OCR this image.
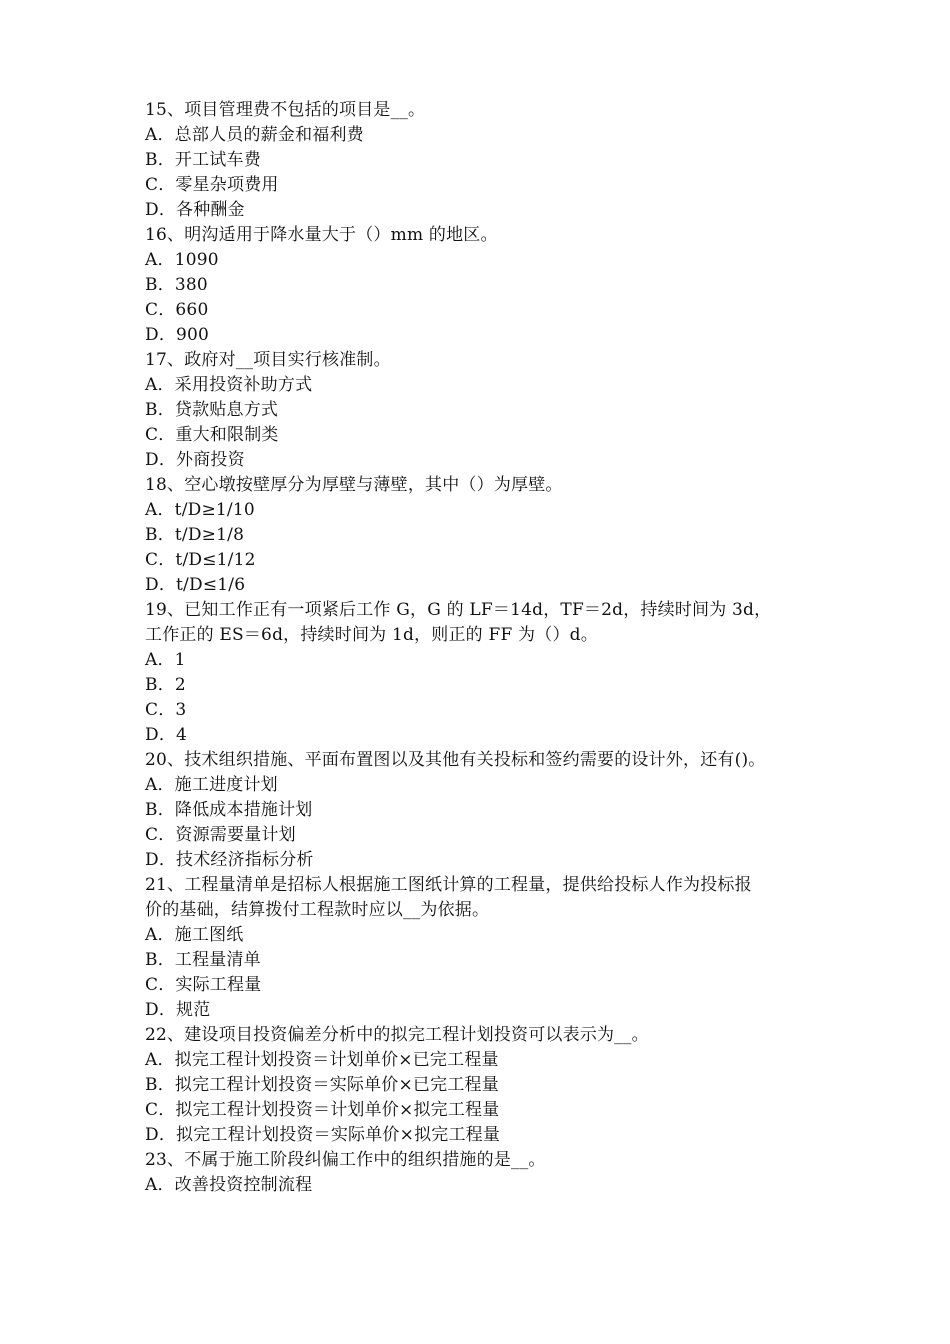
15、项目管理费不包括的项目是__。
A．总部人员的薪金和福利费
B．开工试车费
C．零星杂项费用
D．各种酬金
16、明沟适用于降水量大于（）mm 的地区。
A．1090
B．380
C．660
D．900
17、政府对__项目实行核准制。
A．采用投资补助方式
B．贷款贴息方式
C．重大和限制类
D．外商投资
18、空心墩按壁厚分为厚壁与薄壁，其中（）为厚壁。
A．t/D≥1/10
B．t/D≥1/8
C．t/D≤1/12
D．t/D≤1/6
19、已知工作正有一项紧后工作 G，G 的 LF＝14d，TF＝2d，持续时间为 3d，
工作正的 ES＝6d，持续时间为 1d，则正的 FF 为（）d。
A．1
B．2
C．3
D．4
20、技术组织措施、平面布置图以及其他有关投标和签约需要的设计外，还有()。
A．施工进度计划
B．降低成本措施计划
C．资源需要量计划
D．技术经济指标分析
21、工程量清单是招标人根据施工图纸计算的工程量，提供给投标人作为投标报
价的基础，结算拨付工程款时应以__为依据。
A．施工图纸
B．工程量清单
C．实际工程量
D．规范
22、建设项目投资偏差分析中的拟完工程计划投资可以表示为__。
A．拟完工程计划投资＝计划单价×已完工程量
B．拟完工程计划投资＝实际单价×已完工程量
C．拟完工程计划投资＝计划单价×拟完工程量
D．拟完工程计划投资＝实际单价×拟完工程量
23、不属于施工阶段纠偏工作中的组织措施的是__。
A．改善投资控制流程
